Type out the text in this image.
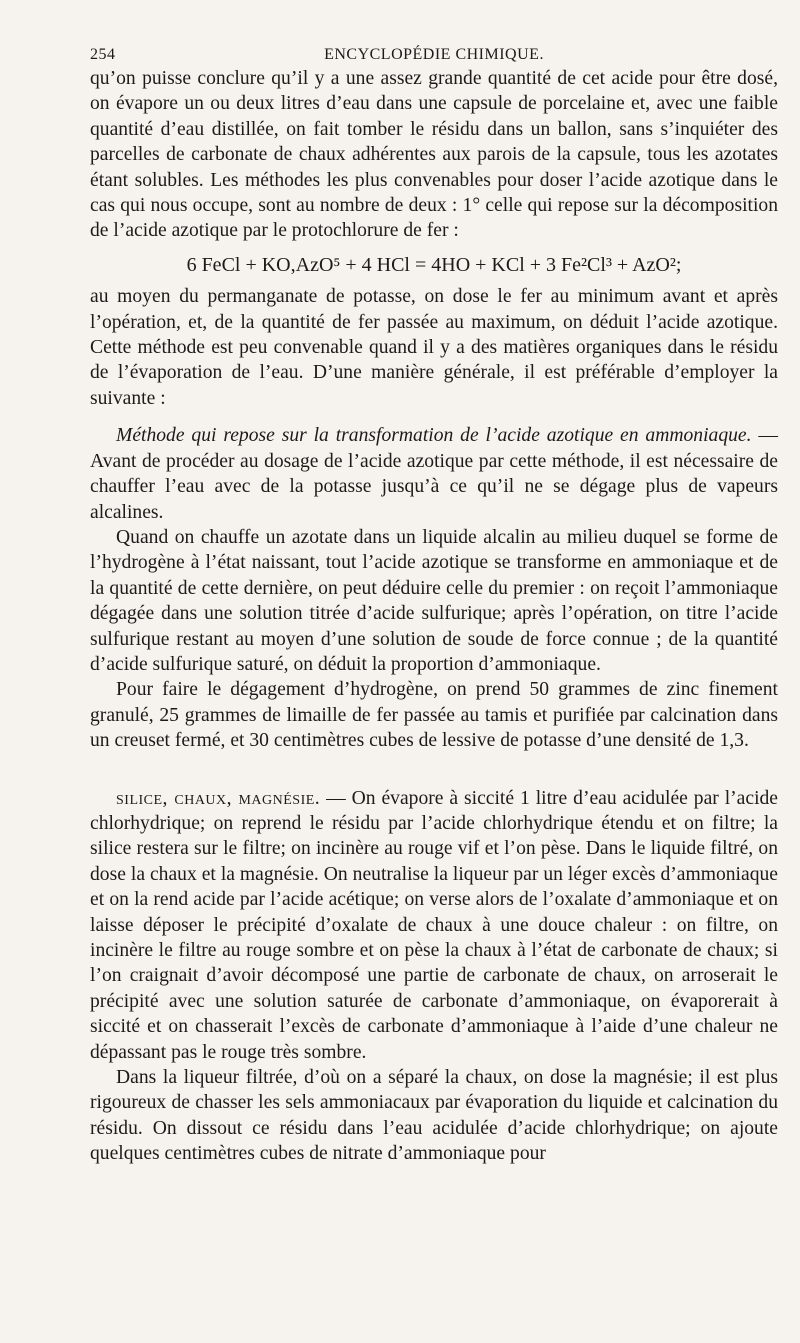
254	ENCYCLOPÉDIE CHIMIQUE.

qu’on puisse conclure qu’il y a une assez grande quantité de cet acide pour être dosé, on évapore un ou deux litres d’eau dans une capsule de porcelaine et, avec une faible quantité d’eau distillée, on fait tomber le résidu dans un ballon, sans s’inquiéter des parcelles de carbonate de chaux adhérentes aux parois de la capsule, tous les azotates étant solubles. Les méthodes les plus convenables pour doser l’acide azotique dans le cas qui nous occupe, sont au nombre de deux : 1° celle qui repose sur la décomposition de l’acide azotique par le protochlorure de fer :

6 FeCl + KO,AzO⁵ + 4 HCl = 4HO + KCl + 3 Fe²Cl³ + AzO²;

au moyen du permanganate de potasse, on dose le fer au minimum avant et après l’opération, et, de la quantité de fer passée au maximum, on déduit l’acide azotique. Cette méthode est peu convenable quand il y a des matières organiques dans le résidu de l’évaporation de l’eau. D’une manière générale, il est préférable d’employer la suivante :

Méthode qui repose sur la transformation de l’acide azotique en ammoniaque. —Avant de procéder au dosage de l’acide azotique par cette méthode, il est nécessaire de chauffer l’eau avec de la potasse jusqu’à ce qu’il ne se dégage plus de vapeurs alcalines.

Quand on chauffe un azotate dans un liquide alcalin au milieu duquel se forme de l’hydrogène à l’état naissant, tout l’acide azotique se transforme en ammoniaque et de la quantité de cette dernière, on peut déduire celle du premier : on reçoit l’ammoniaque dégagée dans une solution titrée d’acide sulfurique; après l’opération, on titre l’acide sulfurique restant au moyen d’une solution de soude de force connue ; de la quantité d’acide sulfurique saturé, on déduit la proportion d’ammoniaque.

Pour faire le dégagement d’hydrogène, on prend 50 grammes de zinc finement granulé, 25 grammes de limaille de fer passée au tamis et purifiée par calcination dans un creuset fermé, et 30 centimètres cubes de lessive de potasse d’une densité de 1,3.

silice, chaux, magnésie. — On évapore à siccité 1 litre d’eau acidulée par l’acide chlorhydrique; on reprend le résidu par l’acide chlorhydrique étendu et on filtre; la silice restera sur le filtre; on incinère au rouge vif et l’on pèse. Dans le liquide filtré, on dose la chaux et la magnésie. On neutralise la liqueur par un léger excès d’ammoniaque et on la rend acide par l’acide acétique; on verse alors de l’oxalate d’ammoniaque et on laisse déposer le précipité d’oxalate de chaux à une douce chaleur : on filtre, on incinère le filtre au rouge sombre et on pèse la chaux à l’état de carbonate de chaux; si l’on craignait d’avoir décomposé une partie de carbonate de chaux, on arroserait le précipité avec une solution saturée de carbonate d’ammoniaque, on évaporerait à siccité et on chasserait l’excès de carbonate d’ammoniaque à l’aide d’une chaleur ne dépassant pas le rouge très sombre.

Dans la liqueur filtrée, d’où on a séparé la chaux, on dose la magnésie; il est plus rigoureux de chasser les sels ammoniacaux par évaporation du liquide et calcination du résidu. On dissout ce résidu dans l’eau acidulée d’acide chlorhydrique; on ajoute quelques centimètres cubes de nitrate d’ammoniaque pour
